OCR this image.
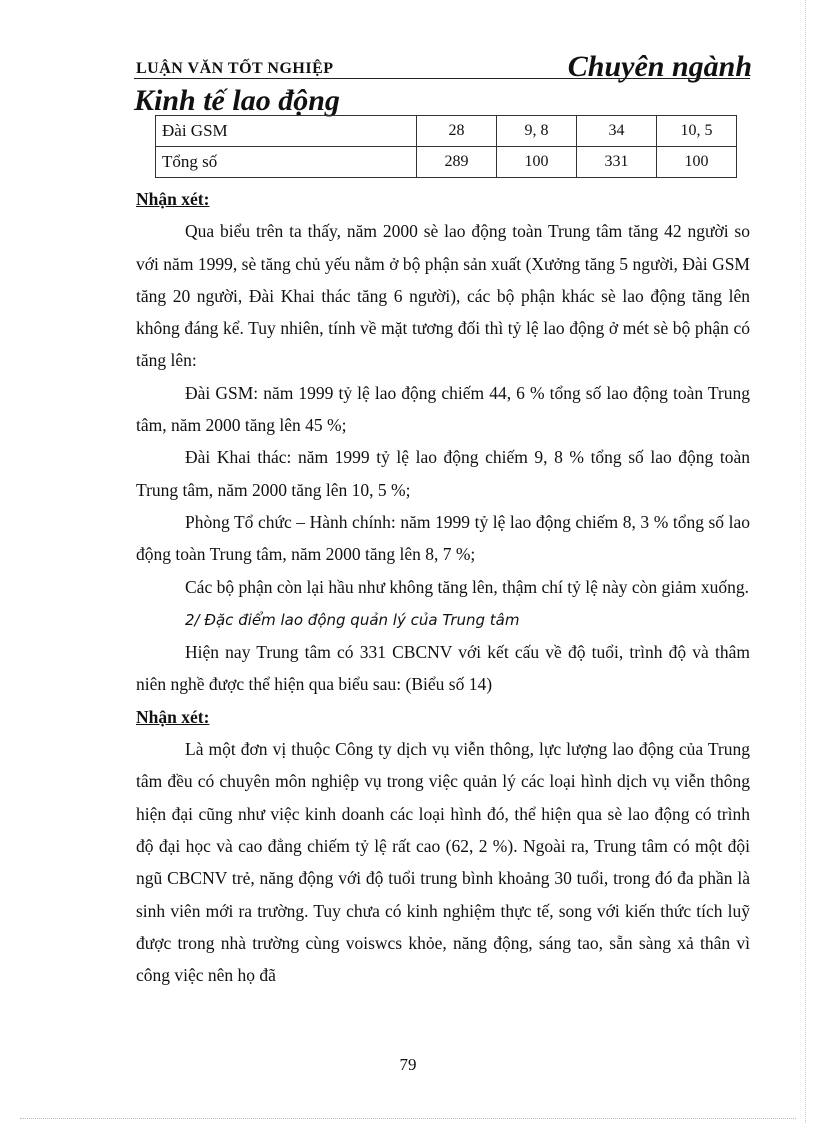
LUẬN VĂN TỐT NGHIỆP	Chuyên ngành
Kinh tế lao động
Đài GSM	28	9, 8	34	10, 5
Tổng số	289	100	331	100

Nhận xét:

Qua biểu trên ta thấy, năm 2000 sè lao động toàn Trung tâm tăng 42 người so với năm 1999, sè tăng chủ yếu nằm ở bộ phận sản xuất (Xưởng tăng 5 người, Đài GSM tăng 20 người, Đài Khai thác tăng 6 người), các bộ phận khác sè lao động tăng lên không đáng kể. Tuy nhiên, tính về mặt tương đối thì tỷ lệ lao động ở mét sè bộ phận có tăng lên:

Đài GSM: năm 1999 tỷ lệ lao động chiếm 44, 6 % tổng số lao động toàn Trung tâm, năm 2000 tăng lên 45 %;

Đài Khai thác: năm 1999 tỷ lệ lao động chiếm 9, 8 % tổng số lao động toàn Trung tâm, năm 2000 tăng lên 10, 5 %;

Phòng Tổ chức – Hành chính: năm 1999 tỷ lệ lao động chiếm 8, 3 % tổng số lao động toàn Trung tâm, năm 2000 tăng lên 8, 7 %;

Các bộ phận còn lại hầu như không tăng lên, thậm chí tỷ lệ này còn giảm xuống.

2/ Đặc điểm lao động quản lý của Trung tâm

Hiện nay Trung tâm có 331 CBCNV với kết cấu về độ tuổi, trình độ và thâm niên nghề được thể hiện qua biểu sau: (Biểu số 14)

Nhận xét:

Là một đơn vị thuộc Công ty dịch vụ viễn thông, lực lượng lao động của Trung tâm đều có chuyên môn nghiệp vụ trong việc quản lý các loại hình dịch vụ viễn thông hiện đại cũng như việc kinh doanh các loại hình đó, thể hiện qua sè lao động có trình độ đại học và cao đẳng chiếm tỷ lệ rất cao (62, 2 %). Ngoài ra, Trung tâm có một đội ngũ CBCNV trẻ, năng động với độ tuổi trung bình khoảng 30 tuổi, trong đó đa phần là sinh viên mới ra trường. Tuy chưa có kinh nghiệm thực tế, song với kiến thức tích luỹ được trong nhà trường cùng voiswcs khỏe, năng động, sáng tao, sẵn sàng xả thân vì công việc nên họ đã

79
